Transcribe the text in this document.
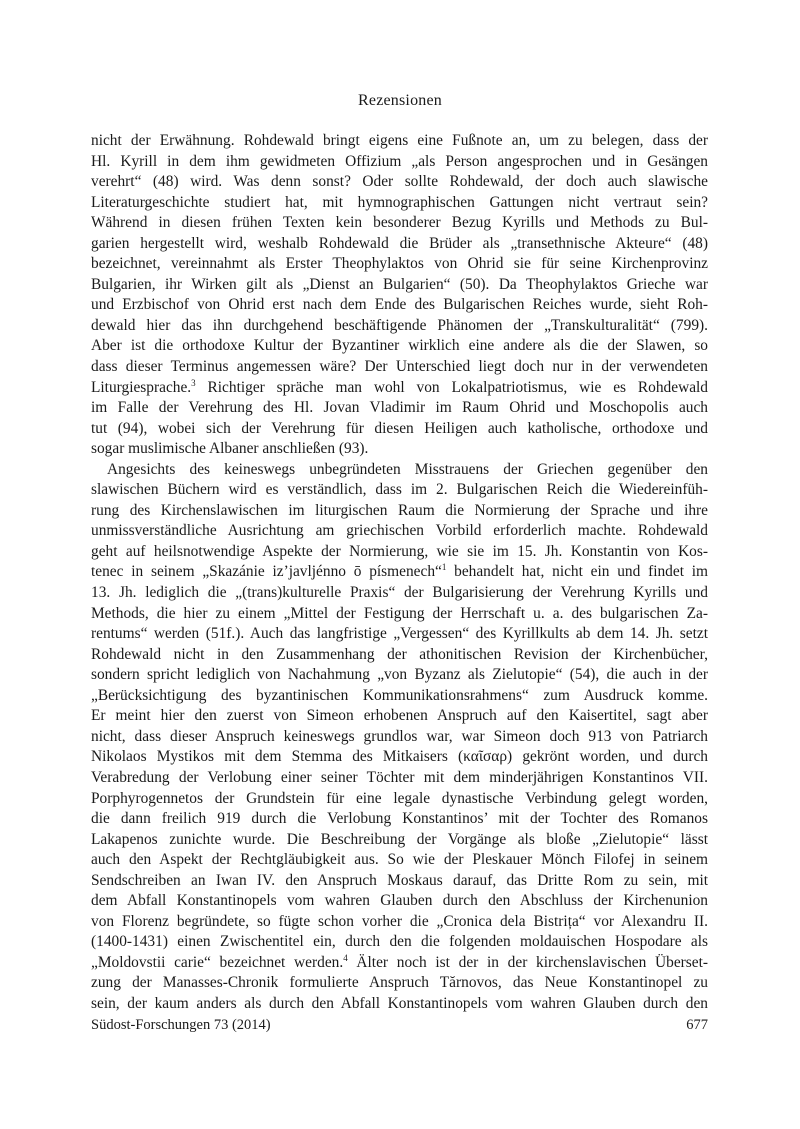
Rezensionen
nicht der Erwähnung. Rohdewald bringt eigens eine Fußnote an, um zu belegen, dass der
Hl. Kyrill in dem ihm gewidmeten Offizium „als Person angesprochen und in Gesängen
verehrt“ (48) wird. Was denn sonst? Oder sollte Rohdewald, der doch auch slawische
Literaturgeschichte studiert hat, mit hymnographischen Gattungen nicht vertraut sein?
Während in diesen frühen Texten kein besonderer Bezug Kyrills und Methods zu Bul-
garien hergestellt wird, weshalb Rohdewald die Brüder als „transethnische Akteure“ (48)
bezeichnet, vereinnahmt als Erster Theophylaktos von Ohrid sie für seine Kirchenprovinz
Bulgarien, ihr Wirken gilt als „Dienst an Bulgarien“ (50). Da Theophylaktos Grieche war
und Erzbischof von Ohrid erst nach dem Ende des Bulgarischen Reiches wurde, sieht Roh-
dewald hier das ihn durchgehend beschäftigende Phänomen der „Transkulturalität“ (799).
Aber ist die orthodoxe Kultur der Byzantiner wirklich eine andere als die der Slawen, so
dass dieser Terminus angemessen wäre? Der Unterschied liegt doch nur in der verwendeten
Liturgiesprache.$^3$ Richtiger spräche man wohl von Lokalpatriotismus, wie es Rohdewald
im Falle der Verehrung des Hl. Jovan Vladimir im Raum Ohrid und Moschopolis auch
tut (94), wobei sich der Verehrung für diesen Heiligen auch katholische, orthodoxe und
sogar muslimische Albaner anschließen (93).
Angesichts des keineswegs unbegründeten Misstrauens der Griechen gegenüber den
slawischen Büchern wird es verständlich, dass im 2. Bulgarischen Reich die Wiedereinfüh-
rung des Kirchenslawischen im liturgischen Raum die Normierung der Sprache und ihre
unmissverständliche Ausrichtung am griechischen Vorbild erforderlich machte. Rohdewald
geht auf heilsnotwendige Aspekte der Normierung, wie sie im 15. Jh. Konstantin von Kos-
tenec in seinem „Skazánie iz’javljénno ō písmenech“$^1$ behandelt hat, nicht ein und findet im
13. Jh. lediglich die „(trans)kulturelle Praxis“ der Bulgarisierung der Verehrung Kyrills und
Methods, die hier zu einem „Mittel der Festigung der Herrschaft u. a. des bulgarischen Za-
rentums“ werden (51f.). Auch das langfristige „Vergessen“ des Kyrillkults ab dem 14. Jh. setzt
Rohdewald nicht in den Zusammenhang der athonitischen Revision der Kirchenbücher,
sondern spricht lediglich von Nachahmung „von Byzanz als Zielutopie“ (54), die auch in der
„Berücksichtigung des byzantinischen Kommunikationsrahmens“ zum Ausdruck komme.
Er meint hier den zuerst von Simeon erhobenen Anspruch auf den Kaisertitel, sagt aber
nicht, dass dieser Anspruch keineswegs grundlos war, war Simeon doch 913 von Patriarch
Nikolaos Mystikos mit dem Stemma des Mitkaisers (καῖσαρ) gekrönt worden, und durch
Verabredung der Verlobung einer seiner Töchter mit dem minderjährigen Konstantinos VII.
Porphyrogennetos der Grundstein für eine legale dynastische Verbindung gelegt worden,
die dann freilich 919 durch die Verlobung Konstantinos’ mit der Tochter des Romanos
Lakapenos zunichte wurde. Die Beschreibung der Vorgänge als bloße „Zielutopie“ lässt
auch den Aspekt der Rechtgläubigkeit aus. So wie der Pleskauer Mönch Filofej in seinem
Sendschreiben an Iwan IV. den Anspruch Moskaus darauf, das Dritte Rom zu sein, mit
dem Abfall Konstantinopels vom wahren Glauben durch den Abschluss der Kirchenunion
von Florenz begründete, so fügte schon vorher die „Cronica dela Bistrița“ vor Alexandru II.
(1400-1431) einen Zwischentitel ein, durch den die folgenden moldauischen Hospodare als
„Moldovstii carie“ bezeichnet werden.$^4$ Älter noch ist der in der kirchenslavischen Überset-
zung der Manasses-Chronik formulierte Anspruch Tărnovos, das Neue Konstantinopel zu
sein, der kaum anders als durch den Abfall Konstantinopels vom wahren Glauben durch den
Südost-Forschungen 73 (2014)	677
